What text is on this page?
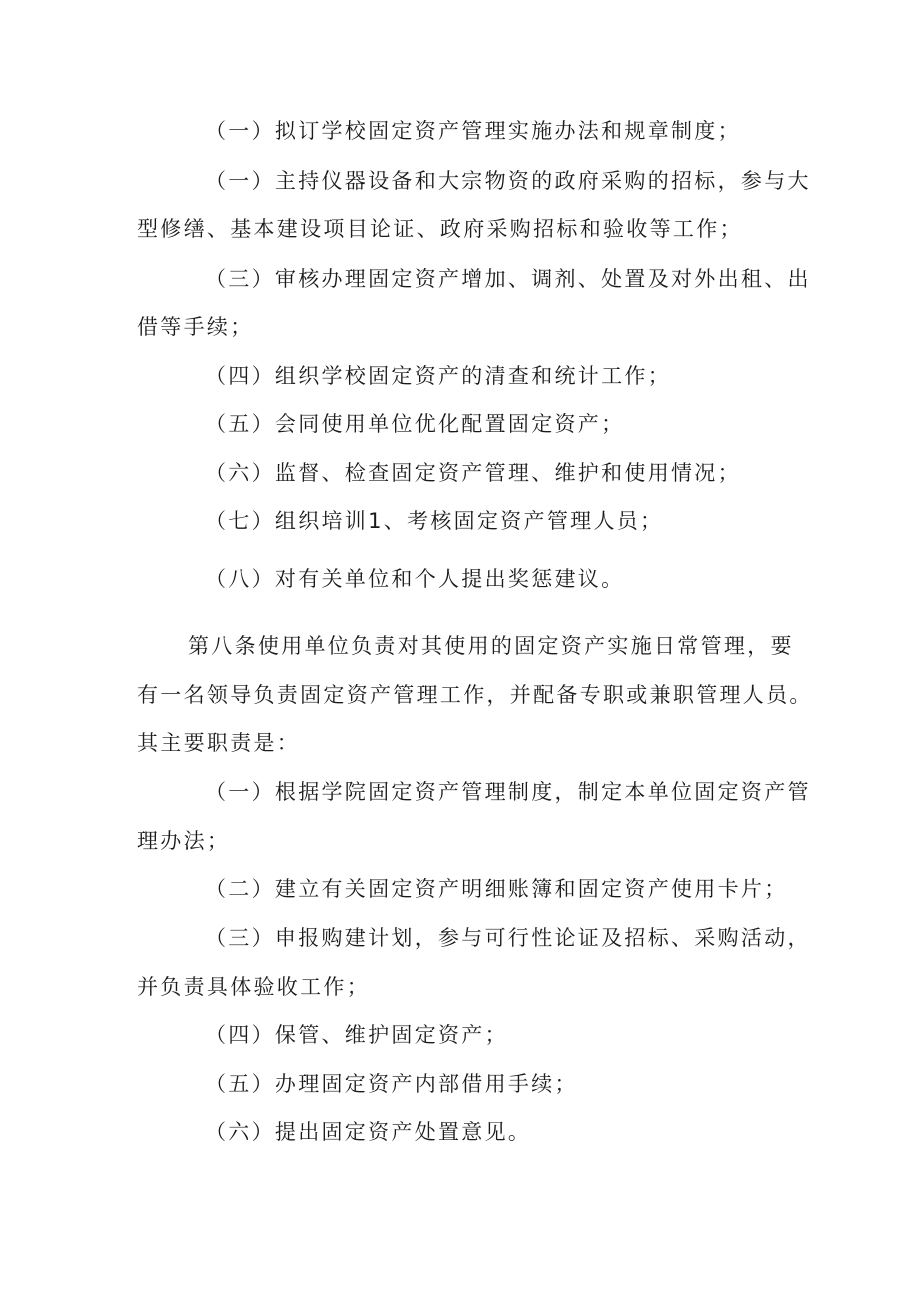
（一）拟订学校固定资产管理实施办法和规章制度；

（一）主持仪器设备和大宗物资的政府采购的招标，参与大

型修缮、基本建设项目论证、政府采购招标和验收等工作；

（三）审核办理固定资产增加、调剂、处置及对外出租、出

借等手续；

（四）组织学校固定资产的清查和统计工作；

（五）会同使用单位优化配置固定资产；

（六）监督、检查固定资产管理、维护和使用情况；

（七）组织培训1、考核固定资产管理人员；

（八）对有关单位和个人提出奖惩建议。

第八条使用单位负责对其使用的固定资产实施日常管理，要

有一名领导负责固定资产管理工作，并配备专职或兼职管理人员。

其主要职责是：

（一）根据学院固定资产管理制度，制定本单位固定资产管

理办法；

（二）建立有关固定资产明细账簿和固定资产使用卡片；

（三）申报购建计划，参与可行性论证及招标、采购活动，

并负责具体验收工作；

（四）保管、维护固定资产；

（五）办理固定资产内部借用手续；

（六）提出固定资产处置意见。
